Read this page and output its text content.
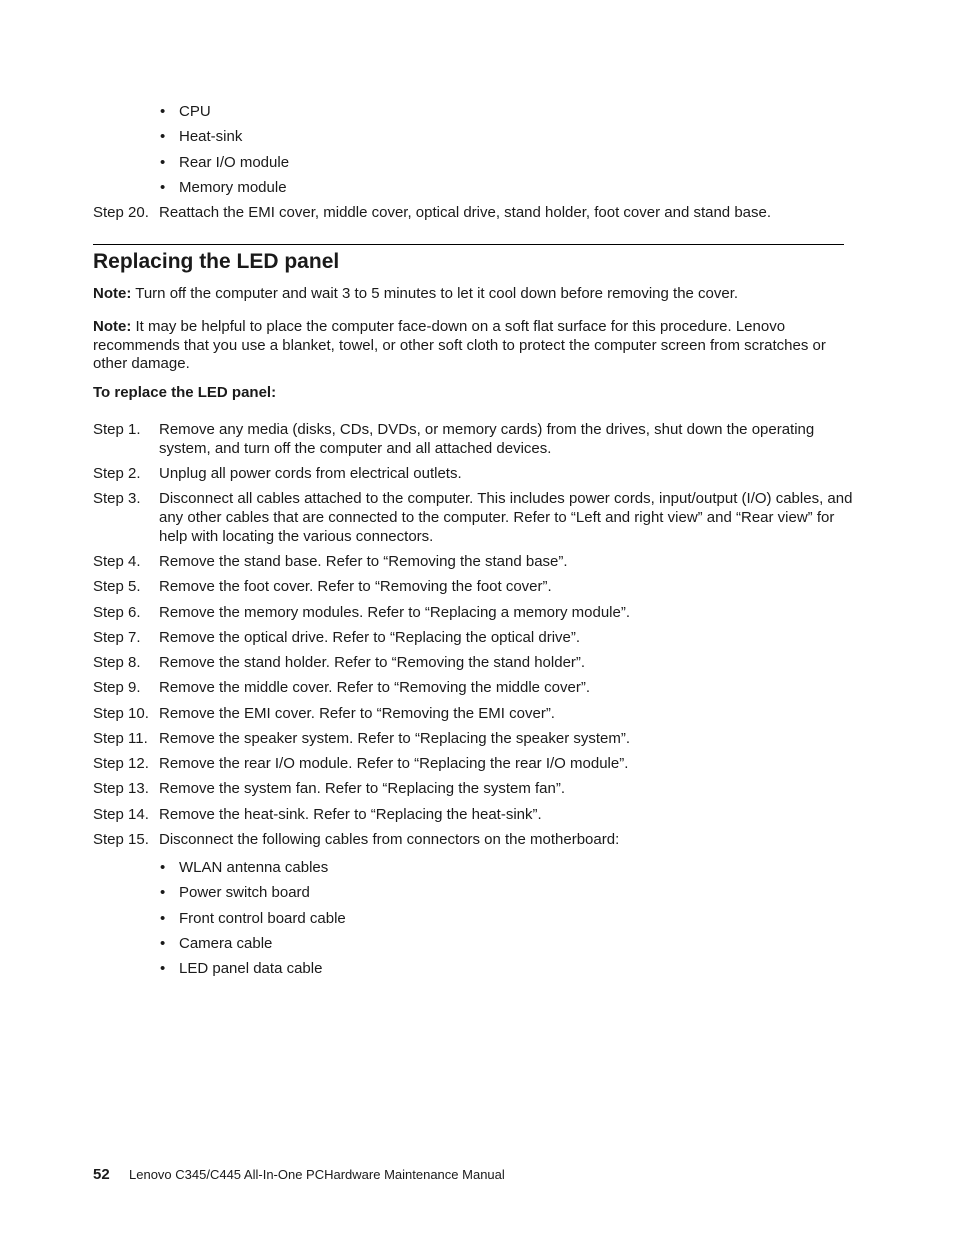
• CPU
• Heat-sink
• Rear I/O module
• Memory module
Step 20. Reattach the EMI cover, middle cover, optical drive, stand holder, foot cover and stand base.
Replacing the LED panel

Note: Turn off the computer and wait 3 to 5 minutes to let it cool down before removing the cover.

Note: It may be helpful to place the computer face-down on a soft flat surface for this procedure. Lenovo recommends that you use a blanket, towel, or other soft cloth to protect the computer screen from scratches or other damage.

To replace the LED panel:

Step 1.	Remove any media (disks, CDs, DVDs, or memory cards) from the drives, shut down the operating system, and turn off the computer and all attached devices.
Step 2.	Unplug all power cords from electrical outlets.
Step 3.	Disconnect all cables attached to the computer. This includes power cords, input/output (I/O) cables, and any other cables that are connected to the computer. Refer to “Left and right view” and “Rear view” for help with locating the various connectors.
Step 4.	Remove the stand base. Refer to “Removing the stand base”.
Step 5.	Remove the foot cover. Refer to “Removing the foot cover”.
Step 6.	Remove the memory modules. Refer to “Replacing a memory module”.
Step 7.	Remove the optical drive. Refer to “Replacing the optical drive”.
Step 8.	Remove the stand holder. Refer to “Removing the stand holder”.
Step 9.	Remove the middle cover. Refer to “Removing the middle cover”.
Step 10. Remove the EMI cover. Refer to “Removing the EMI cover”.
Step 11. Remove the speaker system. Refer to “Replacing the speaker system”.
Step 12. Remove the rear I/O module. Refer to “Replacing the rear I/O module”.
Step 13. Remove the system fan. Refer to “Replacing the system fan”.
Step 14. Remove the heat-sink. Refer to “Replacing the heat-sink”.
Step 15. Disconnect the following cables from connectors on the motherboard:
• WLAN antenna cables
• Power switch board
• Front control board cable
• Camera cable
• LED panel data cable
52	Lenovo C345/C445 All-In-One PCHardware Maintenance Manual
